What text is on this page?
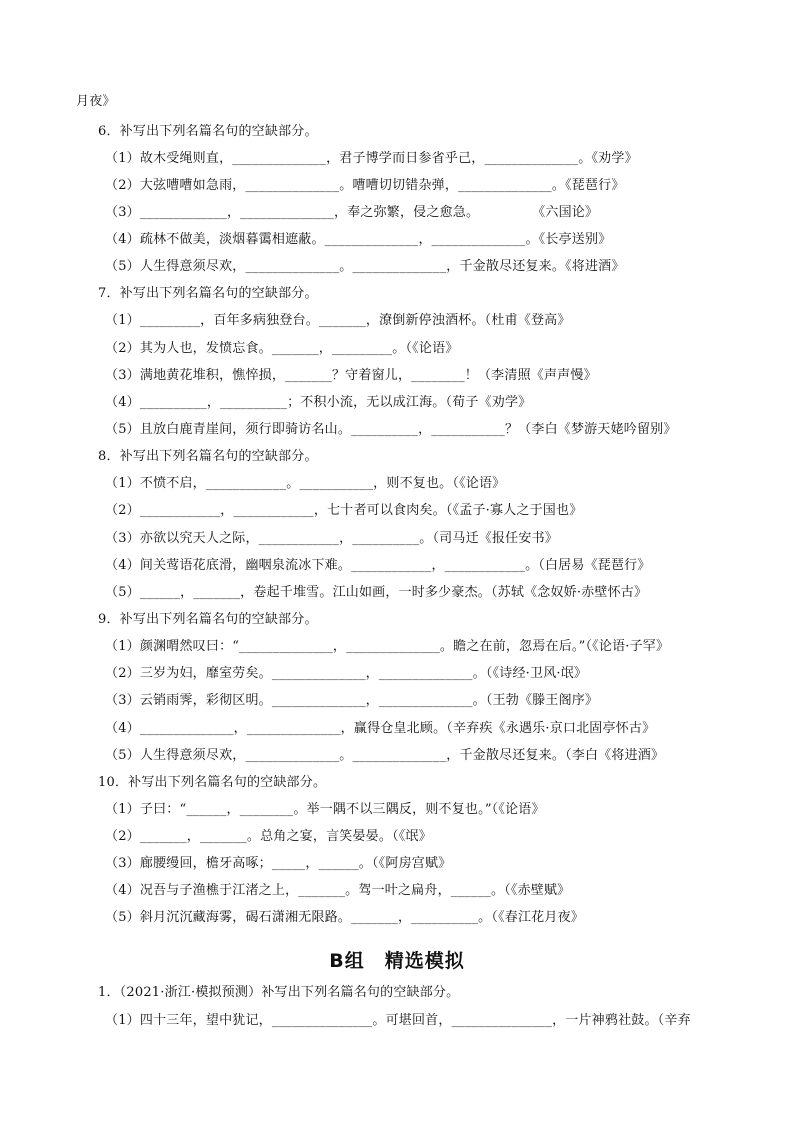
月夜》
6．补写出下列名篇名句的空缺部分。
（1）故木受绳则直，______________，君子博学而日参省乎己，______________。《劝学》
（2）大弦嘈嘈如急雨，______________。嘈嘈切切错杂弹，______________。《琵琶行》
（3）_____________，______________，奉之弥繁，侵之愈急。　　　　　《六国论》
（4）疏林不做美，淡烟暮霭相遮蔽。______________，______________。《长亭送别》
（5）人生得意须尽欢，______________。______________，千金散尽还复来。《将进酒》
7．补写出下列名篇名句的空缺部分。
（1）_________，百年多病独登台。_______，潦倒新停浊酒杯。（杜甫《登高》
（2）其为人也，发愤忘食。_______，_________。（《论语》
（3）满地黄花堆积，憔悴损，_______？守着窗儿，________！（李清照《声声慢》
（4）__________，__________；不积小流，无以成江海。（荀子《劝学》
（5）且放白鹿青崖间，须行即骑访名山。__________，___________？（李白《梦游天姥吟留别》
8．补写出下列名篇名句的空缺部分。
（1）不愤不启，____________。___________，则不复也。（《论语》
（2）____________，____________，七十者可以食肉矣。（《孟子·寡人之于国也》
（3）亦欲以究天人之际，____________，__________。（司马迁《报任安书》
（4）间关莺语花底滑，幽咽泉流冰下难。____________，____________。（白居易《琵琶行》
（5）______，_______，卷起千堆雪。江山如画，一时多少豪杰。（苏轼《念奴娇·赤壁怀古》
9．补写出下列名篇名句的空缺部分。
（1）颜渊喟然叹曰：“______________，______________。瞻之在前，忽焉在后。”（《论语·子罕》
（2）三岁为妇，靡室劳矣。______________，______________。（《诗经·卫风·氓》
（3）云销雨霁，彩彻区明。______________，______________。（王勃《滕王阁序》
（4）______________，______________，赢得仓皇北顾。（辛弃疾《永遇乐·京口北固亭怀古》
（5）人生得意须尽欢，______________。______________，千金散尽还复来。（李白《将进酒》
10．补写出下列名篇名句的空缺部分。
（1）子曰：“______，________。举一隅不以三隅反，则不复也。”（《论语》
（2）_______，_______。总角之宴，言笑晏晏。（《氓》
（3）廊腰缦回，檐牙高啄；_____，______。（《阿房宫赋》
（4）况吾与子渔樵于江渚之上，_______。驾一叶之扁舟，______。（《赤壁赋》
（5）斜月沉沉藏海雾，碣石潇湘无限路。_______，__________。（《春江花月夜》
B组　精选模拟
1．（2021·浙江·模拟预测）补写出下列名篇名句的空缺部分。
（1）四十三年，望中犹记，_______________。可堪回首，_______________，一片神鸦社鼓。（辛弃
